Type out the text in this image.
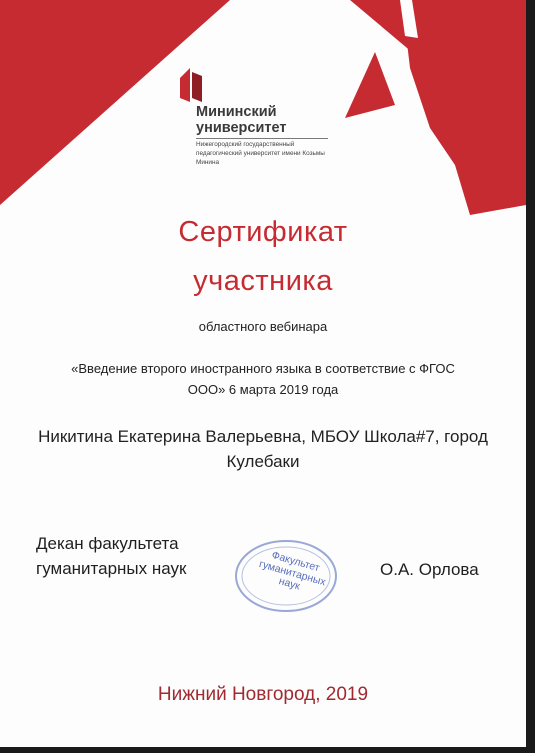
Мининский университет
Нижегородский государственный педагогический университет имени Козьмы Минина
Сертификат
участника
областного вебинара
«Введение второго иностранного языка в соответствие с ФГОС ООО» 6 марта 2019 года
Никитина Екатерина Валерьевна, МБОУ Школа#7, город Кулебаки
Декан факультета гуманитарных наук	Факультет гуманитарных наук
О.А. Орлова
Нижний Новгород, 2019
